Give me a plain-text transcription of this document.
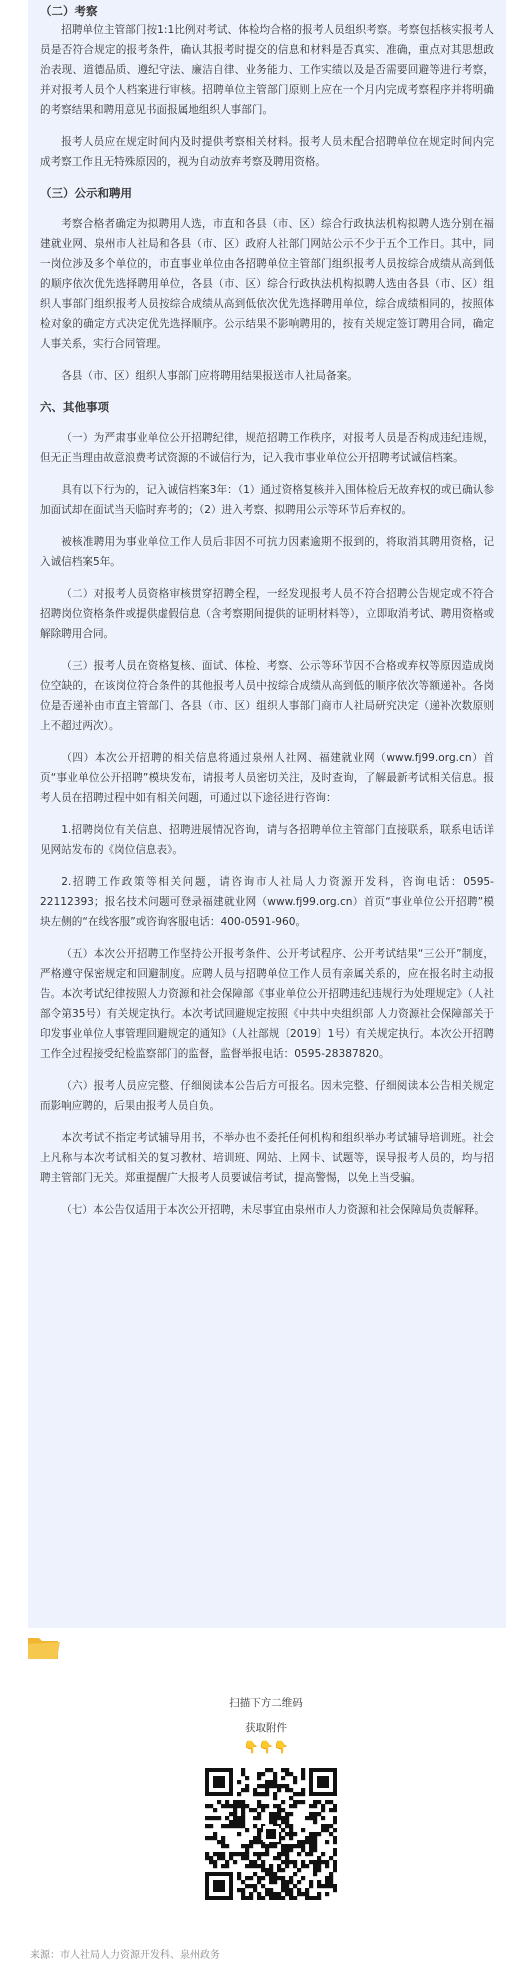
（二）考察

招聘单位主管部门按1:1比例对考试、体检均合格的报考人员组织考察。考察包括核实报考人员是否符合规定的报考条件，确认其报考时提交的信息和材料是否真实、准确，重点对其思想政治表现、道德品质、遵纪守法、廉洁自律、业务能力、工作实绩以及是否需要回避等进行考察，并对报考人员个人档案进行审核。招聘单位主管部门原则上应在一个月内完成考察程序并将明确的考察结果和聘用意见书面报属地组织人事部门。

报考人员应在规定时间内及时提供考察相关材料。报考人员未配合招聘单位在规定时间内完成考察工作且无特殊原因的，视为自动放弃考察及聘用资格。

（三）公示和聘用

考察合格者确定为拟聘用人选，市直和各县（市、区）综合行政执法机构拟聘人选分别在福建就业网、泉州市人社局和各县（市、区）政府人社部门网站公示不少于五个工作日。其中，同一岗位涉及多个单位的，市直事业单位由各招聘单位主管部门组织报考人员按综合成绩从高到低的顺序依次优先选择聘用单位，各县（市、区）综合行政执法机构拟聘人选由各县（市、区）组织人事部门组织报考人员按综合成绩从高到低依次优先选择聘用单位，综合成绩相同的，按照体检对象的确定方式决定优先选择顺序。公示结果不影响聘用的，按有关规定签订聘用合同，确定人事关系，实行合同管理。

各县（市、区）组织人事部门应将聘用结果报送市人社局备案。

六、其他事项

（一）为严肃事业单位公开招聘纪律，规范招聘工作秩序，对报考人员是否构成违纪违规，但无正当理由故意浪费考试资源的不诚信行为，记入我市事业单位公开招聘考试诚信档案。

具有以下行为的，记入诚信档案3年：（1）通过资格复核并入围体检后无故弃权的或已确认参加面试却在面试当天临时弃考的；（2）进入考察、拟聘用公示等环节后弃权的。

被核准聘用为事业单位工作人员后非因不可抗力因素逾期不报到的，将取消其聘用资格，记入诚信档案5年。

（二）对报考人员资格审核贯穿招聘全程，一经发现报考人员不符合招聘公告规定或不符合招聘岗位资格条件或提供虚假信息（含考察期间提供的证明材料等），立即取消考试、聘用资格或解除聘用合同。

（三）报考人员在资格复核、面试、体检、考察、公示等环节因不合格或弃权等原因造成岗位空缺的，在该岗位符合条件的其他报考人员中按综合成绩从高到低的顺序依次等额递补。各岗位是否递补由市直主管部门、各县（市、区）组织人事部门商市人社局研究决定（递补次数原则上不超过两次）。

（四）本次公开招聘的相关信息将通过泉州人社网、福建就业网（www.fj99.org.cn）首页“事业单位公开招聘”模块发布，请报考人员密切关注，及时查询，了解最新考试相关信息。报考人员在招聘过程中如有相关问题，可通过以下途径进行咨询：

1.招聘岗位有关信息、招聘进展情况咨询，请与各招聘单位主管部门直接联系，联系电话详见网站发布的《岗位信息表》。

2.招聘工作政策等相关问题，请咨询市人社局人力资源开发科，咨询电话：0595-22112393；报名技术问题可登录福建就业网（www.fj99.org.cn）首页“事业单位公开招聘”模块左侧的“在线客服”或咨询客服电话：400-0591-960。

（五）本次公开招聘工作坚持公开报考条件、公开考试程序、公开考试结果“三公开”制度，严格遵守保密规定和回避制度。应聘人员与招聘单位工作人员有亲属关系的，应在报名时主动报告。本次考试纪律按照人力资源和社会保障部《事业单位公开招聘违纪违规行为处理规定》（人社部令第35号）有关规定执行。本次考试回避规定按照《中共中央组织部 人力资源社会保障部关于印发事业单位人事管理回避规定的通知》（人社部规〔2019〕1号）有关规定执行。本次公开招聘工作全过程接受纪检监察部门的监督，监督举报电话：0595-28387820。

（六）报考人员应完整、仔细阅读本公告后方可报名。因未完整、仔细阅读本公告相关规定而影响应聘的，后果由报考人员自负。

本次考试不指定考试辅导用书，不举办也不委托任何机构和组织举办考试辅导培训班。社会上凡称与本次考试相关的复习教材、培训班、网站、上网卡、试题等，误导报考人员的，均与招聘主管部门无关。郑重提醒广大报考人员要诚信考试，提高警惕，以免上当受骗。

（七）本公告仅适用于本次公开招聘，未尽事宜由泉州市人力资源和社会保障局负责解释。

扫描下方二维码
获取附件
👇👇👇
来源：市人社局人力资源开发科、泉州政务
